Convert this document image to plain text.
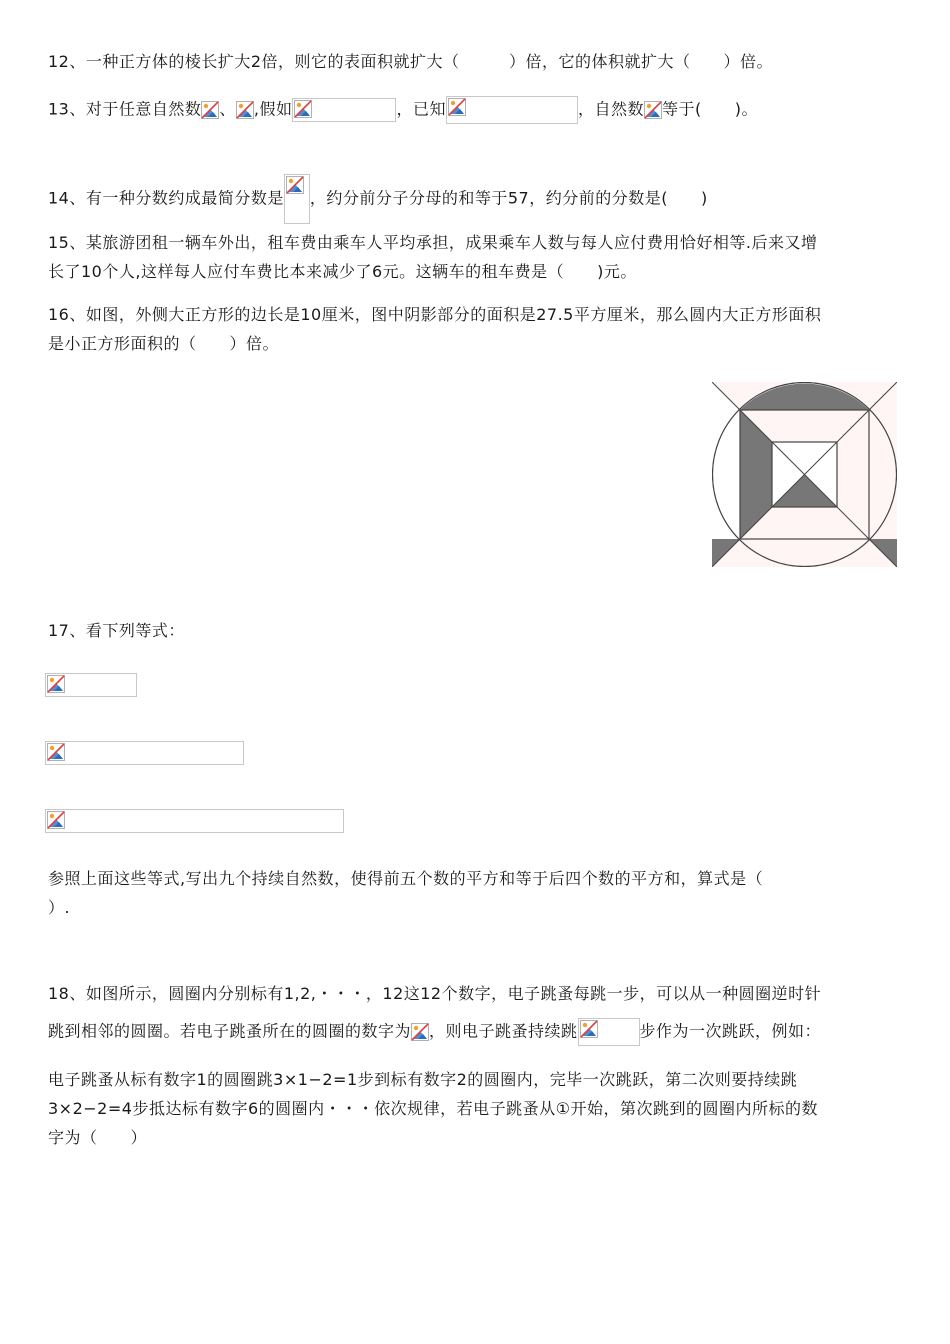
12、一种正方体的棱长扩大2倍，则它的表面积就扩大（　　　）倍，它的体积就扩大（　　）倍。
13、对于任意自然数 、 ,假如	，已知	，自然数 等于(　　)。
14、有一种分数约成最简分数是 ，约分前分子分母的和等于57，约分前的分数是(　　)
15、某旅游团租一辆车外出，租车费由乘车人平均承担，成果乘车人数与每人应付费用恰好相等.后来又增
长了10个人,这样每人应付车费比本来减少了6元。这辆车的租车费是（　　)元。
16、如图，外侧大正方形的边长是10厘米，图中阴影部分的面积是27.5平方厘米，那么圆内大正方形面积
是小正方形面积的（　　）倍。
17、看下列等式：
参照上面这些等式,写出九个持续自然数，使得前五个数的平方和等于后四个数的平方和，算式是（
）.
18、如图所示，圆圈内分别标有1,2,・・・，12这12个数字，电子跳蚤每跳一步，可以从一种圆圈逆时针
跳到相邻的圆圈。若电子跳蚤所在的圆圈的数字为 ，则电子跳蚤持续跳	步作为一次跳跃，例如：
电子跳蚤从标有数字1的圆圈跳3×1−2=1步到标有数字2的圆圈内，完毕一次跳跃，第二次则要持续跳
3×2−2=4步抵达标有数字6的圆圈内・・・依次规律，若电子跳蚤从①开始，第次跳到的圆圈内所标的数
字为（　　）
